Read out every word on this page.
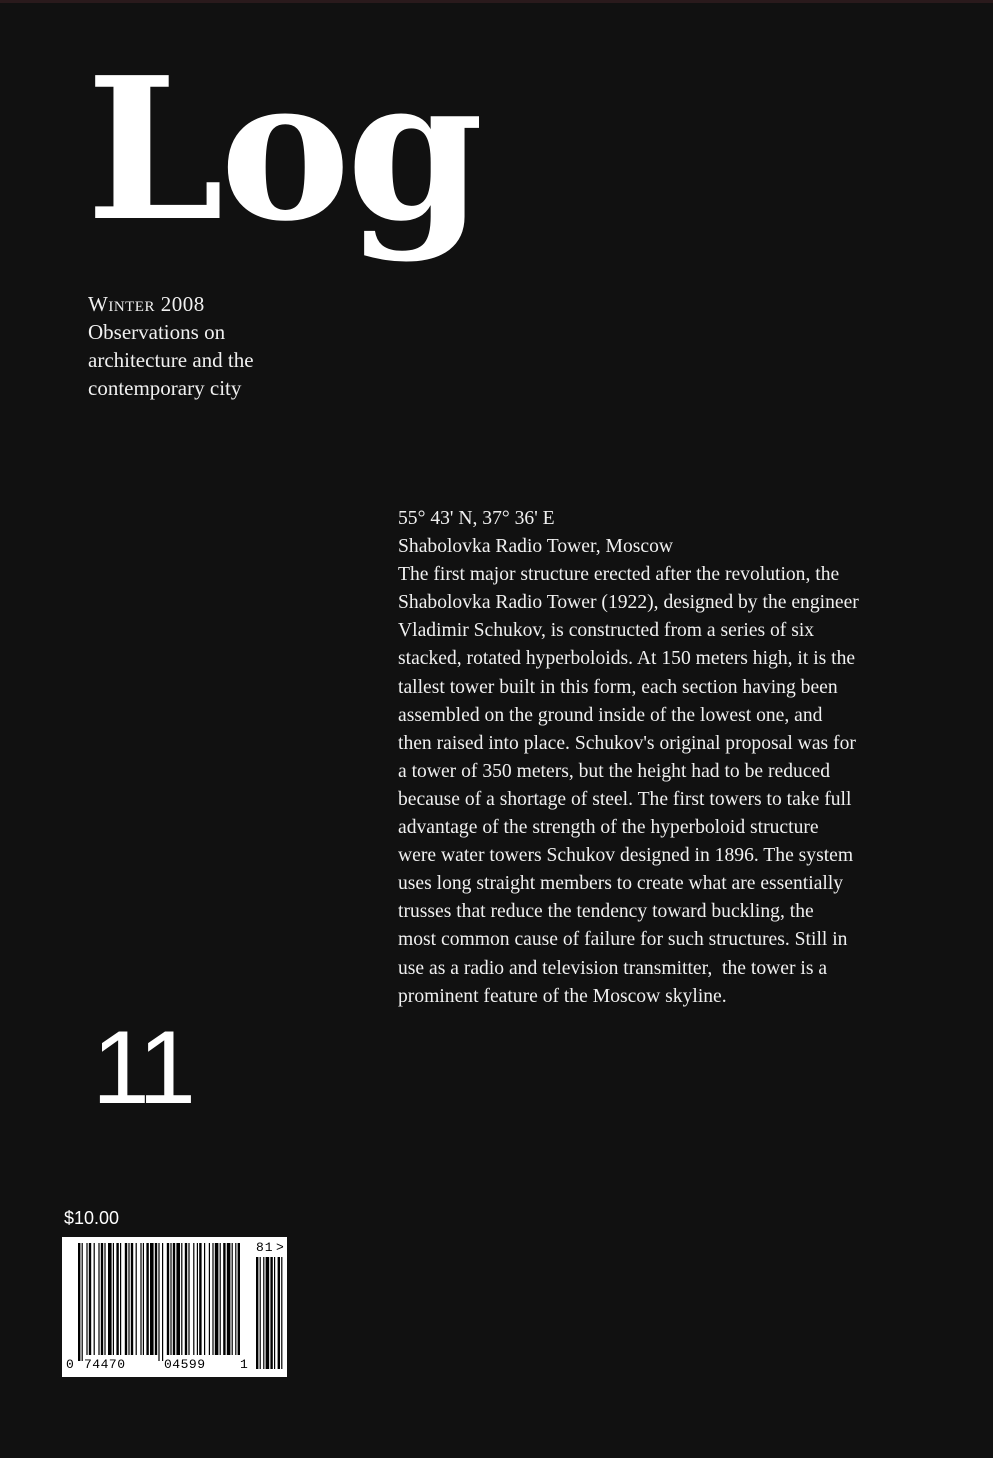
Log
Winter 2008
Observations on architecture and the contemporary city

55° 43' N, 37° 36' E

Shabolovka Radio Tower, Moscow

The first major structure erected after the revolution, the
Shabolovka Radio Tower (1922), designed by the engineer
Vladimir Schukov, is constructed from a series of six
stacked, rotated hyperboloids. At 150 meters high, it is the
tallest tower built in this form, each section having been
assembled on the ground inside of the lowest one, and
then raised into place. Schukov's original proposal was for
a tower of 350 meters, but the height had to be reduced
because of a shortage of steel. The first towers to take full
advantage of the strength of the hyperboloid structure
were water towers Schukov designed in 1896. The system
uses long straight members to create what are essentially
trusses that reduce the tendency toward buckling, the
most common cause of failure for such structures. Still in
use as a radio and television transmitter,  the tower is a
prominent feature of the Moscow skyline.
11
$10.00
0 74470	04599	1
81 >
